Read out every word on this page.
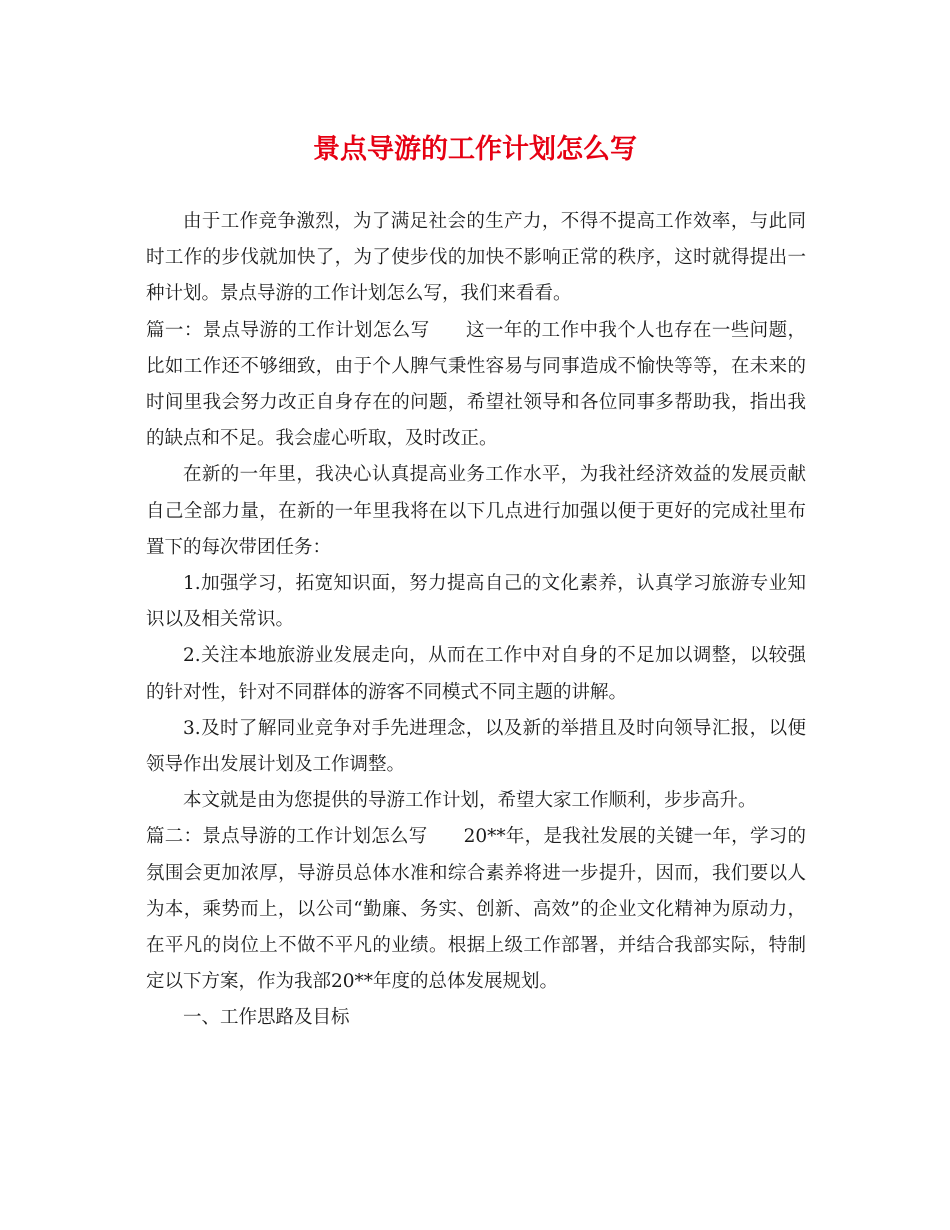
景点导游的工作计划怎么写

由于工作竞争激烈，为了满足社会的生产力，不得不提高工作效率，与此同时工作的步伐就加快了，为了使步伐的加快不影响正常的秩序，这时就得提出一种计划。景点导游的工作计划怎么写，我们来看看。

篇一：景点导游的工作计划怎么写 这一年的工作中我个人也存在一些问题，比如工作还不够细致，由于个人脾气秉性容易与同事造成不愉快等等，在未来的时间里我会努力改正自身存在的问题，希望社领导和各位同事多帮助我，指出我的缺点和不足。我会虚心听取，及时改正。

在新的一年里，我决心认真提高业务工作水平，为我社经济效益的发展贡献自己全部力量，在新的一年里我将在以下几点进行加强以便于更好的完成社里布置下的每次带团任务：

1.加强学习，拓宽知识面，努力提高自己的文化素养，认真学习旅游专业知识以及相关常识。

2.关注本地旅游业发展走向，从而在工作中对自身的不足加以调整，以较强的针对性，针对不同群体的游客不同模式不同主题的讲解。

3.及时了解同业竞争对手先进理念，以及新的举措且及时向领导汇报，以便领导作出发展计划及工作调整。

本文就是由为您提供的导游工作计划，希望大家工作顺利，步步高升。

篇二：景点导游的工作计划怎么写 20**年，是我社发展的关键一年，学习的氛围会更加浓厚，导游员总体水准和综合素养将进一步提升，因而，我们要以人为本，乘势而上，以公司“勤廉、务实、创新、高效”的企业文化精神为原动力，在平凡的岗位上不做不平凡的业绩。根据上级工作部署，并结合我部实际，特制定以下方案，作为我部20**年度的总体发展规划。

一、工作思路及目标
